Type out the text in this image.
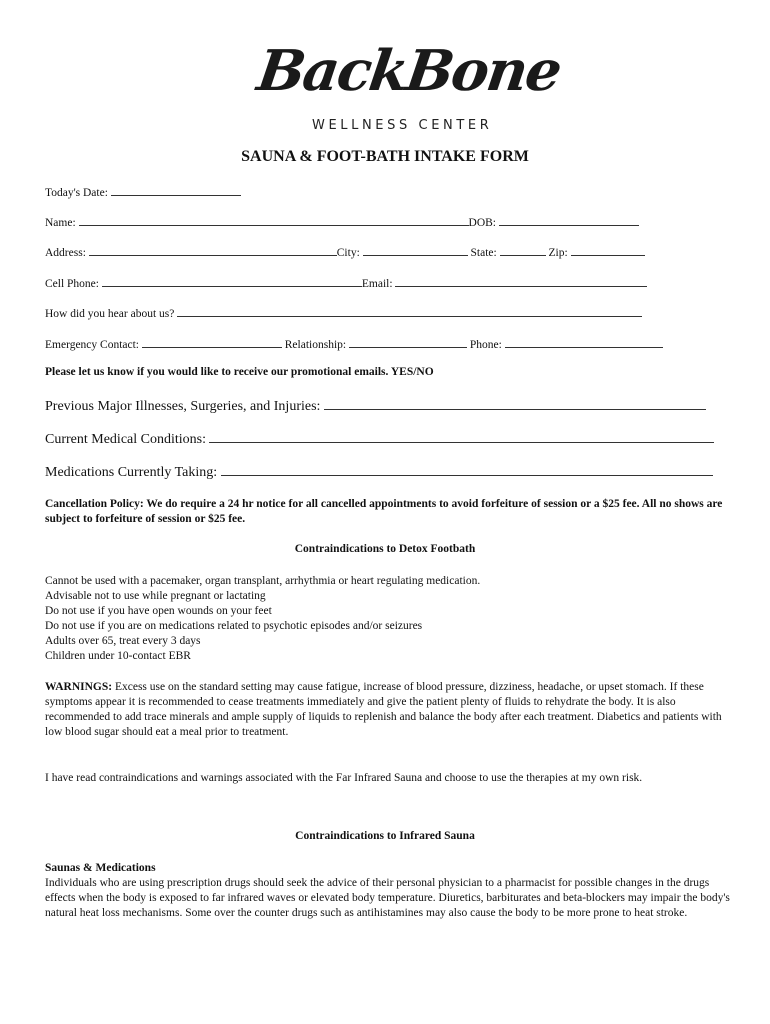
BackBone
WELLNESS CENTER
SAUNA & FOOT-BATH INTAKE FORM
Today's Date:
Name:	DOB:
Address:	City:	State:	Zip:
Cell Phone:	Email:
How did you hear about us?
Emergency Contact:	Relationship:	Phone:
Please let us know if you would like to receive our promotional emails. YES/NO
Previous Major Illnesses, Surgeries, and Injuries:
Current Medical Conditions:
Medications Currently Taking:
Cancellation Policy: We do require a 24 hr notice for all cancelled appointments to avoid forfeiture of session or a $25 fee. All no shows are subject to forfeiture of session or $25 fee.
Contraindications to Detox Footbath
Cannot be used with a pacemaker, organ transplant, arrhythmia or heart regulating medication.
Advisable not to use while pregnant or lactating
Do not use if you have open wounds on your feet
Do not use if you are on medications related to psychotic episodes and/or seizures
Adults over 65, treat every 3 days
Children under 10-contact EBR
WARNINGS: Excess use on the standard setting may cause fatigue, increase of blood pressure, dizziness, headache, or upset stomach. If these symptoms appear it is recommended to cease treatments immediately and give the patient plenty of fluids to rehydrate the body. It is also recommended to add trace minerals and ample supply of liquids to replenish and balance the body after each treatment. Diabetics and patients with low blood sugar should eat a meal prior to treatment.
I have read contraindications and warnings associated with the Far Infrared Sauna and choose to use the therapies at my own risk.
Contraindications to Infrared Sauna
Saunas & Medications
Individuals who are using prescription drugs should seek the advice of their personal physician to a pharmacist for possible changes in the drugs effects when the body is exposed to far infrared waves or elevated body temperature. Diuretics, barbiturates and beta-blockers may impair the body's natural heat loss mechanisms. Some over the counter drugs such as antihistamines may also cause the body to be more prone to heat stroke.
